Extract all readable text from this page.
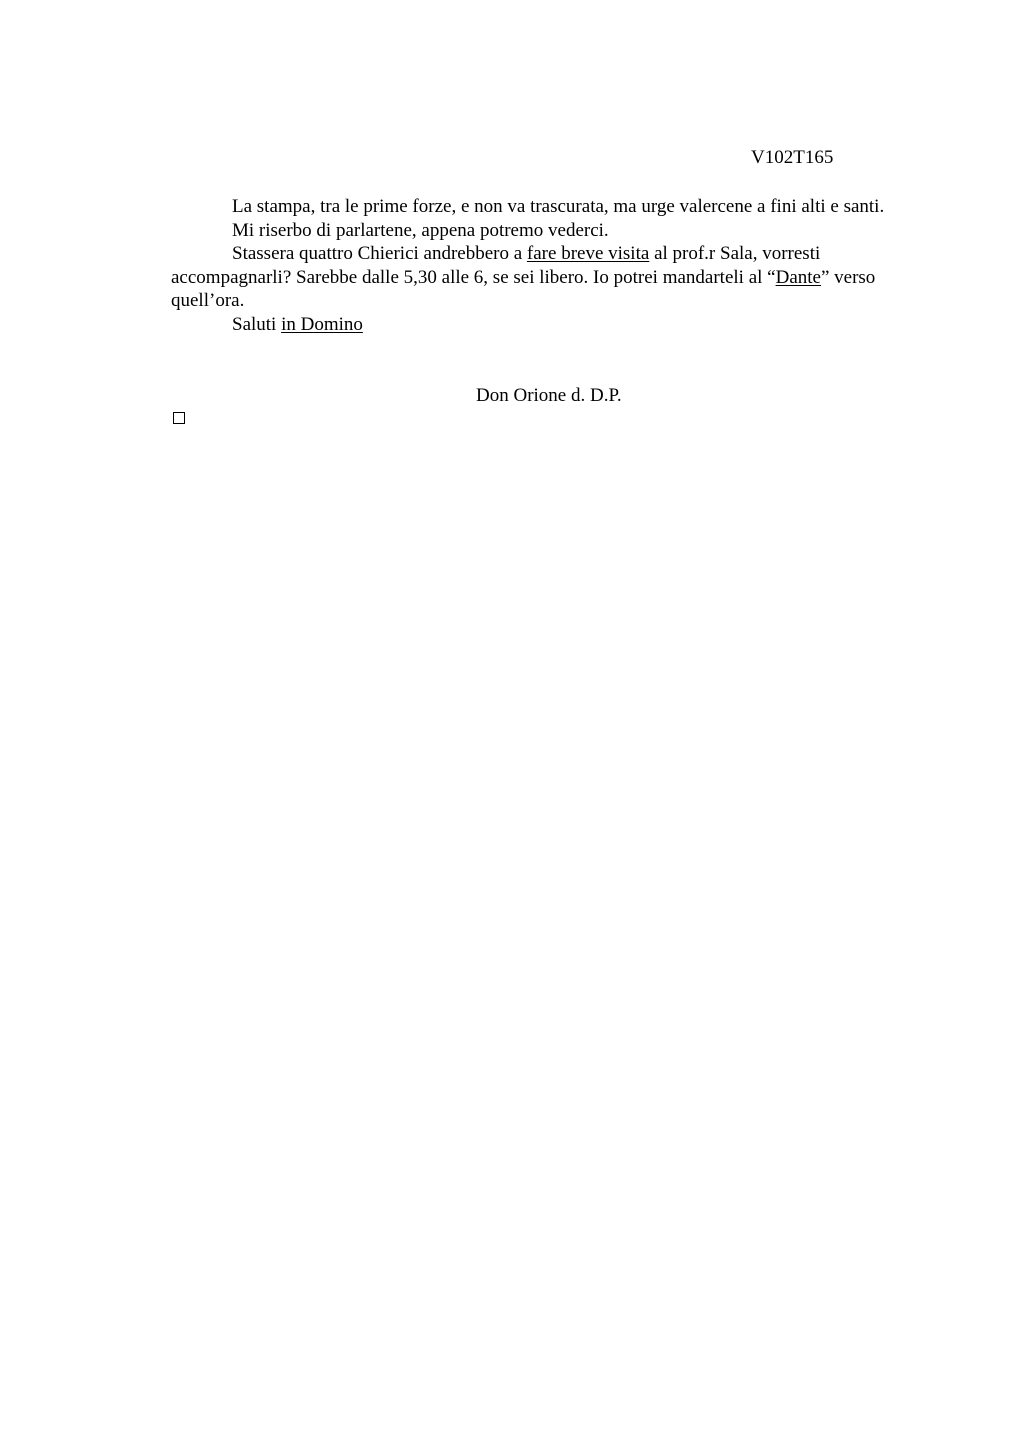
V102T165

La stampa, tra le prime forze, e non va trascurata, ma urge valercene a fini alti e santi.

Mi riserbo di parlartene, appena potremo vederci.

Stassera quattro Chierici andrebbero a fare breve visita al prof.r Sala, vorresti accompagnarli? Sarebbe dalle 5,30 alle 6, se sei libero. Io potrei mandarteli al “Dante” verso quell’ora.

Saluti in Domino

Don Orione d. D.P.
